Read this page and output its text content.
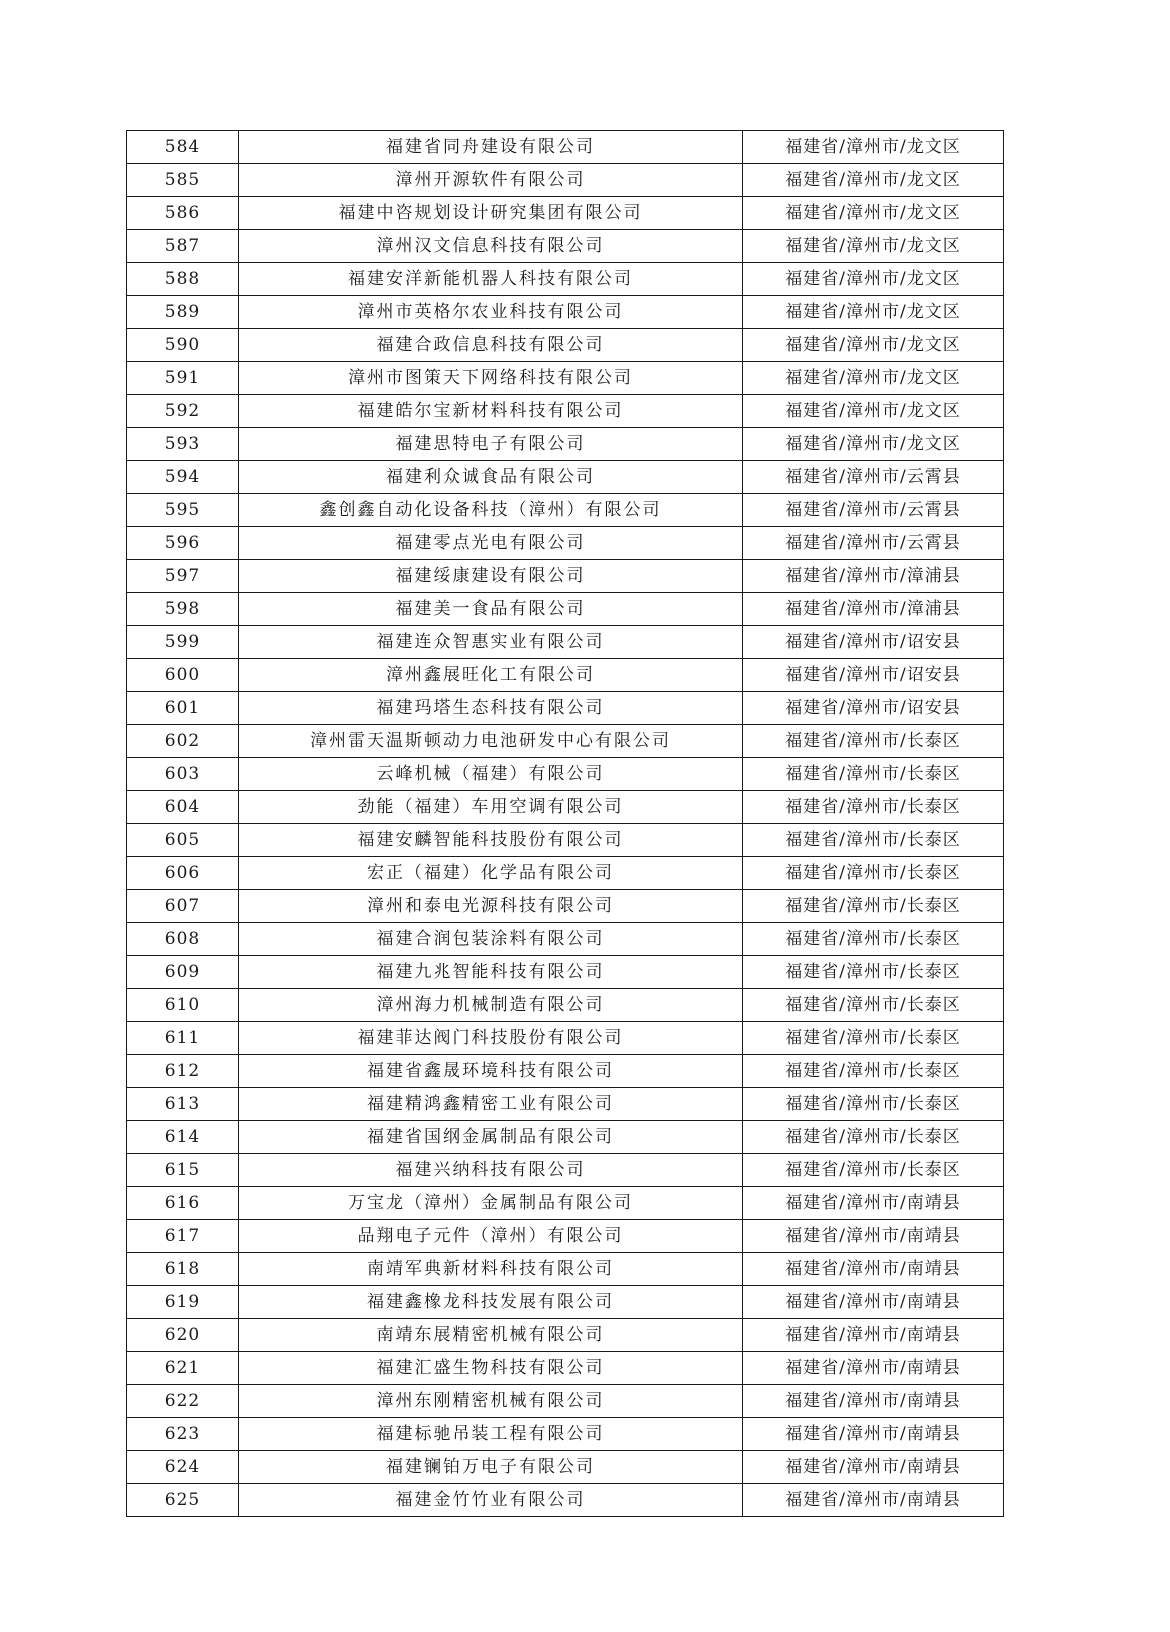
584	福建省同舟建设有限公司	福建省/漳州市/龙文区
585	漳州开源软件有限公司	福建省/漳州市/龙文区
586	福建中咨规划设计研究集团有限公司	福建省/漳州市/龙文区
587	漳州汉文信息科技有限公司	福建省/漳州市/龙文区
588	福建安洋新能机器人科技有限公司	福建省/漳州市/龙文区
589	漳州市英格尔农业科技有限公司	福建省/漳州市/龙文区
590	福建合政信息科技有限公司	福建省/漳州市/龙文区
591	漳州市图策天下网络科技有限公司	福建省/漳州市/龙文区
592	福建皓尔宝新材料科技有限公司	福建省/漳州市/龙文区
593	福建思特电子有限公司	福建省/漳州市/龙文区
594	福建利众诚食品有限公司	福建省/漳州市/云霄县
595	鑫创鑫自动化设备科技（漳州）有限公司	福建省/漳州市/云霄县
596	福建零点光电有限公司	福建省/漳州市/云霄县
597	福建绥康建设有限公司	福建省/漳州市/漳浦县
598	福建美一食品有限公司	福建省/漳州市/漳浦县
599	福建连众智惠实业有限公司	福建省/漳州市/诏安县
600	漳州鑫展旺化工有限公司	福建省/漳州市/诏安县
601	福建玛塔生态科技有限公司	福建省/漳州市/诏安县
602	漳州雷天温斯顿动力电池研发中心有限公司	福建省/漳州市/长泰区
603	云峰机械（福建）有限公司	福建省/漳州市/长泰区
604	劲能（福建）车用空调有限公司	福建省/漳州市/长泰区
605	福建安麟智能科技股份有限公司	福建省/漳州市/长泰区
606	宏正（福建）化学品有限公司	福建省/漳州市/长泰区
607	漳州和泰电光源科技有限公司	福建省/漳州市/长泰区
608	福建合润包装涂料有限公司	福建省/漳州市/长泰区
609	福建九兆智能科技有限公司	福建省/漳州市/长泰区
610	漳州海力机械制造有限公司	福建省/漳州市/长泰区
611	福建菲达阀门科技股份有限公司	福建省/漳州市/长泰区
612	福建省鑫晟环境科技有限公司	福建省/漳州市/长泰区
613	福建精鸿鑫精密工业有限公司	福建省/漳州市/长泰区
614	福建省国纲金属制品有限公司	福建省/漳州市/长泰区
615	福建兴纳科技有限公司	福建省/漳州市/长泰区
616	万宝龙（漳州）金属制品有限公司	福建省/漳州市/南靖县
617	品翔电子元件（漳州）有限公司	福建省/漳州市/南靖县
618	南靖军典新材料科技有限公司	福建省/漳州市/南靖县
619	福建鑫橡龙科技发展有限公司	福建省/漳州市/南靖县
620	南靖东展精密机械有限公司	福建省/漳州市/南靖县
621	福建汇盛生物科技有限公司	福建省/漳州市/南靖县
622	漳州东刚精密机械有限公司	福建省/漳州市/南靖县
623	福建标驰吊装工程有限公司	福建省/漳州市/南靖县
624	福建镧铂万电子有限公司	福建省/漳州市/南靖县
625	福建金竹竹业有限公司	福建省/漳州市/南靖县
